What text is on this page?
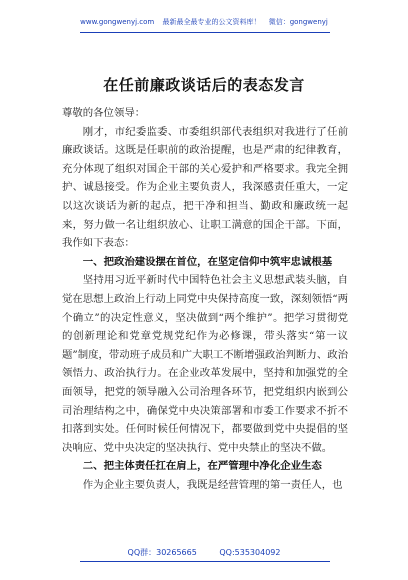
www.gongwenyj.com 最新最全最专业的公文资料库！ 微信：gongwenyj
在任前廉政谈话后的表态发言

尊敬的各位领导：

刚才，市纪委监委、市委组织部代表组织对我进行了任前廉政谈话。这既是任职前的政治提醒，也是严肃的纪律教育，充分体现了组织对国企干部的关心爱护和严格要求。我完全拥护、诚恳接受。作为企业主要负责人，我深感责任重大，一定以这次谈话为新的起点，把干净和担当、勤政和廉政统一起来，努力做一名让组织放心、让职工满意的国企干部。下面，我作如下表态：

一、把政治建设摆在首位，在坚定信仰中筑牢忠诚根基

坚持用习近平新时代中国特色社会主义思想武装头脑，自觉在思想上政治上行动上同党中央保持高度一致，深刻领悟“两个确立”的决定性意义，坚决做到“两个维护”。把学习贯彻党的创新理论和党章党规党纪作为必修课，带头落实“第一议题”制度，带动班子成员和广大职工不断增强政治判断力、政治领悟力、政治执行力。在企业改革发展中，坚持和加强党的全面领导，把党的领导融入公司治理各环节，把党组织内嵌到公司治理结构之中，确保党中央决策部署和市委工作要求不折不扣落到实处。任何时候任何情况下，都要做到党中央提倡的坚决响应、党中央决定的坚决执行、党中央禁止的坚决不做。

二、把主体责任扛在肩上，在严管理中净化企业生态

作为企业主要负责人，我既是经营管理的第一责任人，也

QQ群：30265665	QQ:535304092
